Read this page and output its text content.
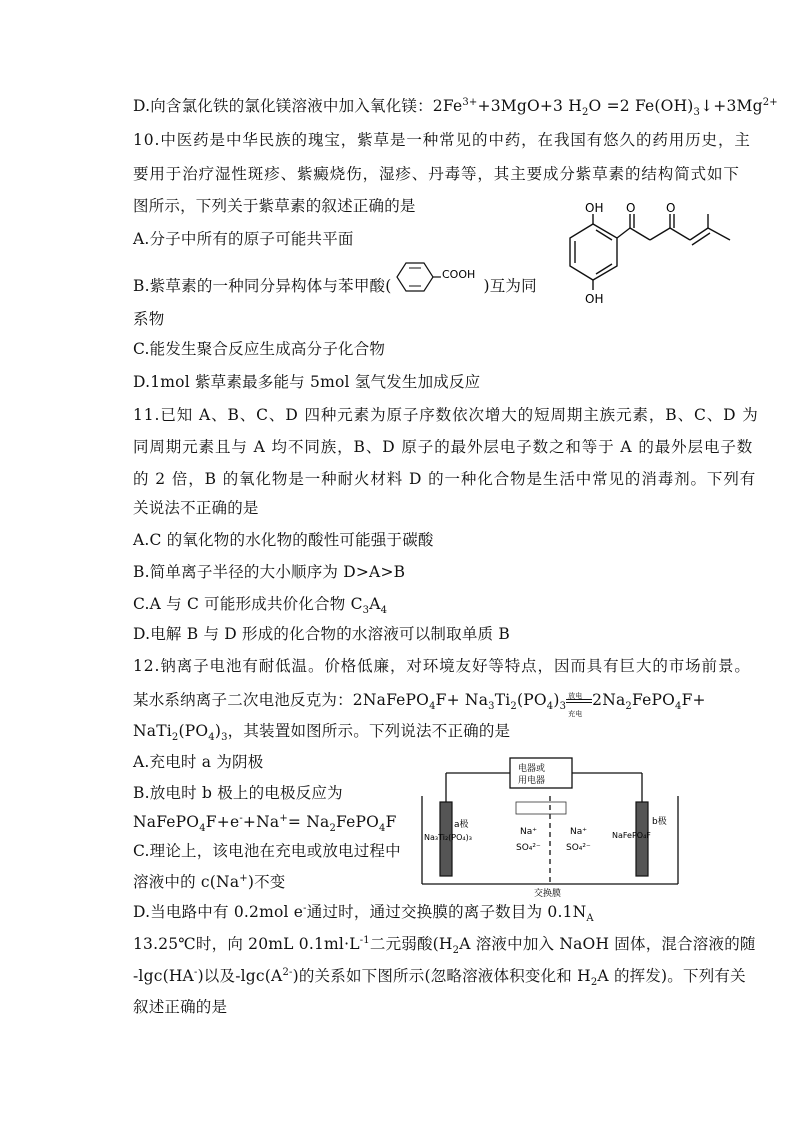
D.向含氯化铁的氯化镁溶液中加入氧化镁：$2Fe^{3+}+3MgO+3$ $H_2O =2$ $Fe(OH)_3↓+3Mg^{2+}$
10.中医药是中华民族的瑰宝，紫草是一种常见的中药，在我国有悠久的药用历史，主
要用于治疗湿性斑疹、紫癜烧伤，湿疹、丹毒等，其主要成分紫草素的结构简式如下
图所示，下列关于紫草素的叙述正确的是
A.分子中所有的原子可能共平面
B.紫草素的一种同分异构体与苯甲酸(	)互为同
系物
C.能发生聚合反应生成高分子化合物
D.1mol 紫草素最多能与 5mol 氢气发生加成反应
COOH
OH
OH
O	O
11.已知 A、B、C、D 四种元素为原子序数依次增大的短周期主族元素，B、C、D 为
同周期元素且与 A 均不同族，B、D 原子的最外层电子数之和等于 A 的最外层电子数
的 2 倍，B 的氧化物是一种耐火材料 D 的一种化合物是生活中常见的消毒剂。下列有
关说法不正确的是
A.C 的氧化物的水化物的酸性可能强于碳酸
B.简单离子半径的大小顺序为 D>A>B
C.A 与 C 可能形成共价化合物 $C_3A_4$
D.电解 B 与 D 形成的化合物的水溶液可以制取单质 B
12.钠离子电池有耐低温。价格低廉，对环境友好等特点，因而具有巨大的市场前景。
某水系纳离子二次电池反克为：2NaFePO$_4$F+ $Na_3Ti_2(PO_4)_3$
放电
充电
$2Na_2FePO_4F+$
$NaTi_2(PO_4)_3$，其装置如图所示。下列说法不正确的是
A.充电时 a 为阴极
B.放电时 b 极上的电极反应为
NaFePO$_4$F+e-+Na+= $Na_2FePO_4F$
C.理论上，该电池在充电或放电过程中
溶液中的 c(Na+)不变
D.当电路中有 0.2mol e-通过时，通过交换膜的离子数目为 $0.1N_A$
电器或
用电器
a极
Na₃Ti₂(PO₄)₃
b极
NaFePO₄F
Na⁺
SO₄²⁻
Na⁺
SO₄²⁻
交换膜
13.25℃时，向 20mL $0.1ml\cdot L^{-1}$二元弱酸($H_2A$ 溶液中加入 NaOH 固体，混合溶液的随
-lgc(HA-)以及$-\lg c(A^{2-})$的关系如下图所示(忽略溶液体积变化和 $H_2A$ 的挥发)。下列有关
叙述正确的是
